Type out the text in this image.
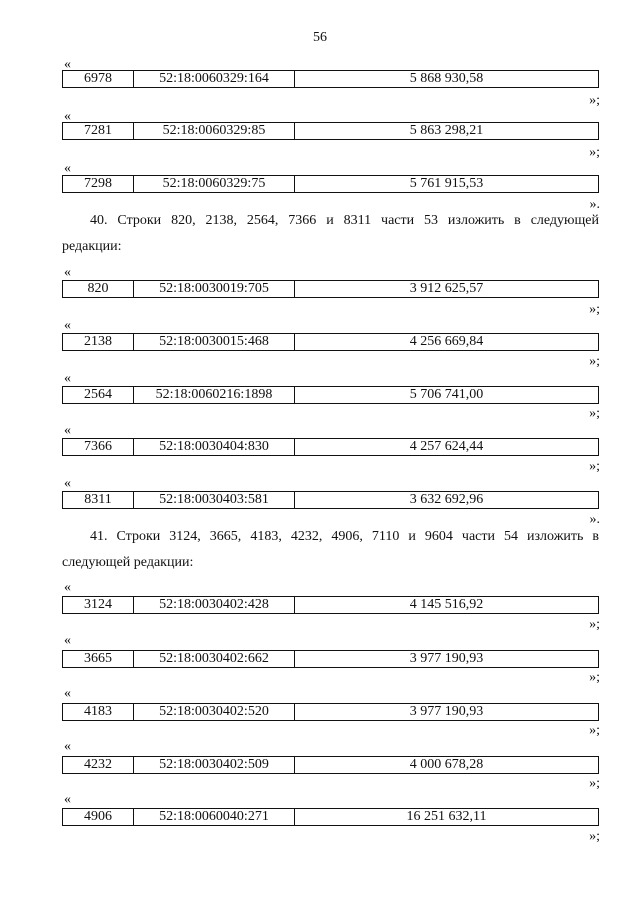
56
«
6978	52:18:0060329:164	5 868 930,58
»;
«
7281	52:18:0060329:85	5 863 298,21
»;
«
7298	52:18:0060329:75	5 761 915,53
».
40. Строки 820, 2138, 2564, 7366 и 8311 части 53 изложить в следующей
редакции:
«
820	52:18:0030019:705	3 912 625,57
»;
«
2138	52:18:0030015:468	4 256 669,84
»;
«
2564	52:18:0060216:1898	5 706 741,00
»;
«
7366	52:18:0030404:830	4 257 624,44
»;
«
8311	52:18:0030403:581	3 632 692,96
».
41. Строки 3124, 3665, 4183, 4232, 4906, 7110 и 9604 части 54 изложить в
следующей редакции:
«
3124	52:18:0030402:428	4 145 516,92
»;
«
3665	52:18:0030402:662	3 977 190,93
»;
«
4183	52:18:0030402:520	3 977 190,93
»;
«
4232	52:18:0030402:509	4 000 678,28
»;
«
4906	52:18:0060040:271	16 251 632,11
»;
